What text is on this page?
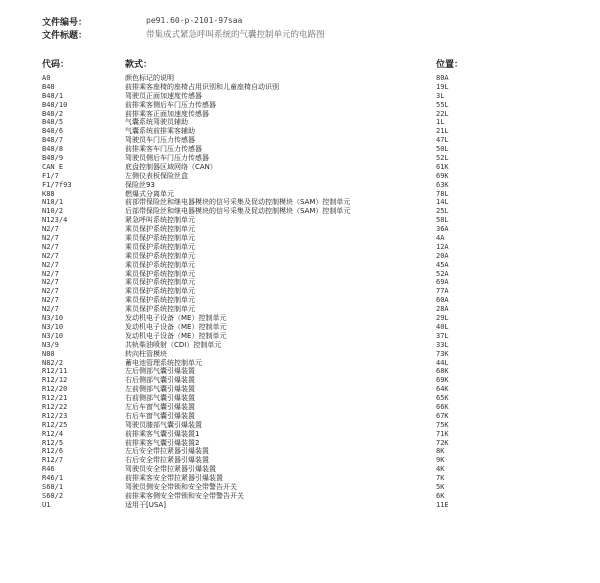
文件编号：	pe91.60-p-2101-97saa
文件标题：	带集成式紧急呼叫系统的气囊控制单元的电路图
代码：	款式：	位置：
A0	颜色标记的说明	80A
B48	前排乘客座椅的座椅占用识别和儿童座椅自动识别	19L
B48/1	驾驶员正面加速度传感器	3L
B48/10	前排乘客侧后车门压力传感器	55L
B48/2	前排乘客正面加速度传感器	22L
B48/5	气囊系统驾驶员辅助	1L
B48/6	气囊系统前排乘客辅助	21L
B48/7	驾驶员车门压力传感器	47L
B48/8	前排乘客车门压力传感器	50L
B48/9	驾驶员侧后车门压力传感器	52L
CAN E	底盘控制器区域网络（CAN）	61K
F1/7	左侧仪表板保险丝盒	69K
F1/7f93	保险丝93	63K
K88	燃爆式分离单元	78L
N10/1	前部带保险丝和继电器模块的信号采集及促动控制模块（SAM）控制单元	14L
N10/2	后部带保险丝和继电器模块的信号采集及促动控制模块（SAM）控制单元	25L
N123/4	紧急呼叫系统控制单元	58L
N2/7	乘员保护系统控制单元	36A
N2/7	乘员保护系统控制单元	4A
N2/7	乘员保护系统控制单元	12A
N2/7	乘员保护系统控制单元	20A
N2/7	乘员保护系统控制单元	45A
N2/7	乘员保护系统控制单元	52A
N2/7	乘员保护系统控制单元	69A
N2/7	乘员保护系统控制单元	77A
N2/7	乘员保护系统控制单元	60A
N2/7	乘员保护系统控制单元	28A
N3/10	发动机电子设备（ME）控制单元	29L
N3/10	发动机电子设备（ME）控制单元	40L
N3/10	发动机电子设备（ME）控制单元	37L
N3/9	共轨柴油喷射（CDI）控制单元	33L
N80	转向柱管模块	73K
N82/2	蓄电池管理系统控制单元	44L
R12/11	左后侧部气囊引爆装置	68K
R12/12	右后侧部气囊引爆装置	69K
R12/20	左前侧部气囊引爆装置	64K
R12/21	右前侧部气囊引爆装置	65K
R12/22	左后车窗气囊引爆装置	66K
R12/23	右后车窗气囊引爆装置	67K
R12/25	驾驶员膝部气囊引爆装置	75K
R12/4	前排乘客气囊引爆装置1	71K
R12/5	前排乘客气囊引爆装置2	72K
R12/6	左后安全带拉紧器引爆装置	8K
R12/7	右后安全带拉紧器引爆装置	9K
R46	驾驶员安全带拉紧器引爆装置	4K
R46/1	前排乘客安全带拉紧器引爆装置	7K
S68/1	驾驶员侧安全带锁和安全带警告开关	5K
S68/2	前排乘客侧安全带锁和安全带警告开关	6K
U1	适用于[USA]	11E
